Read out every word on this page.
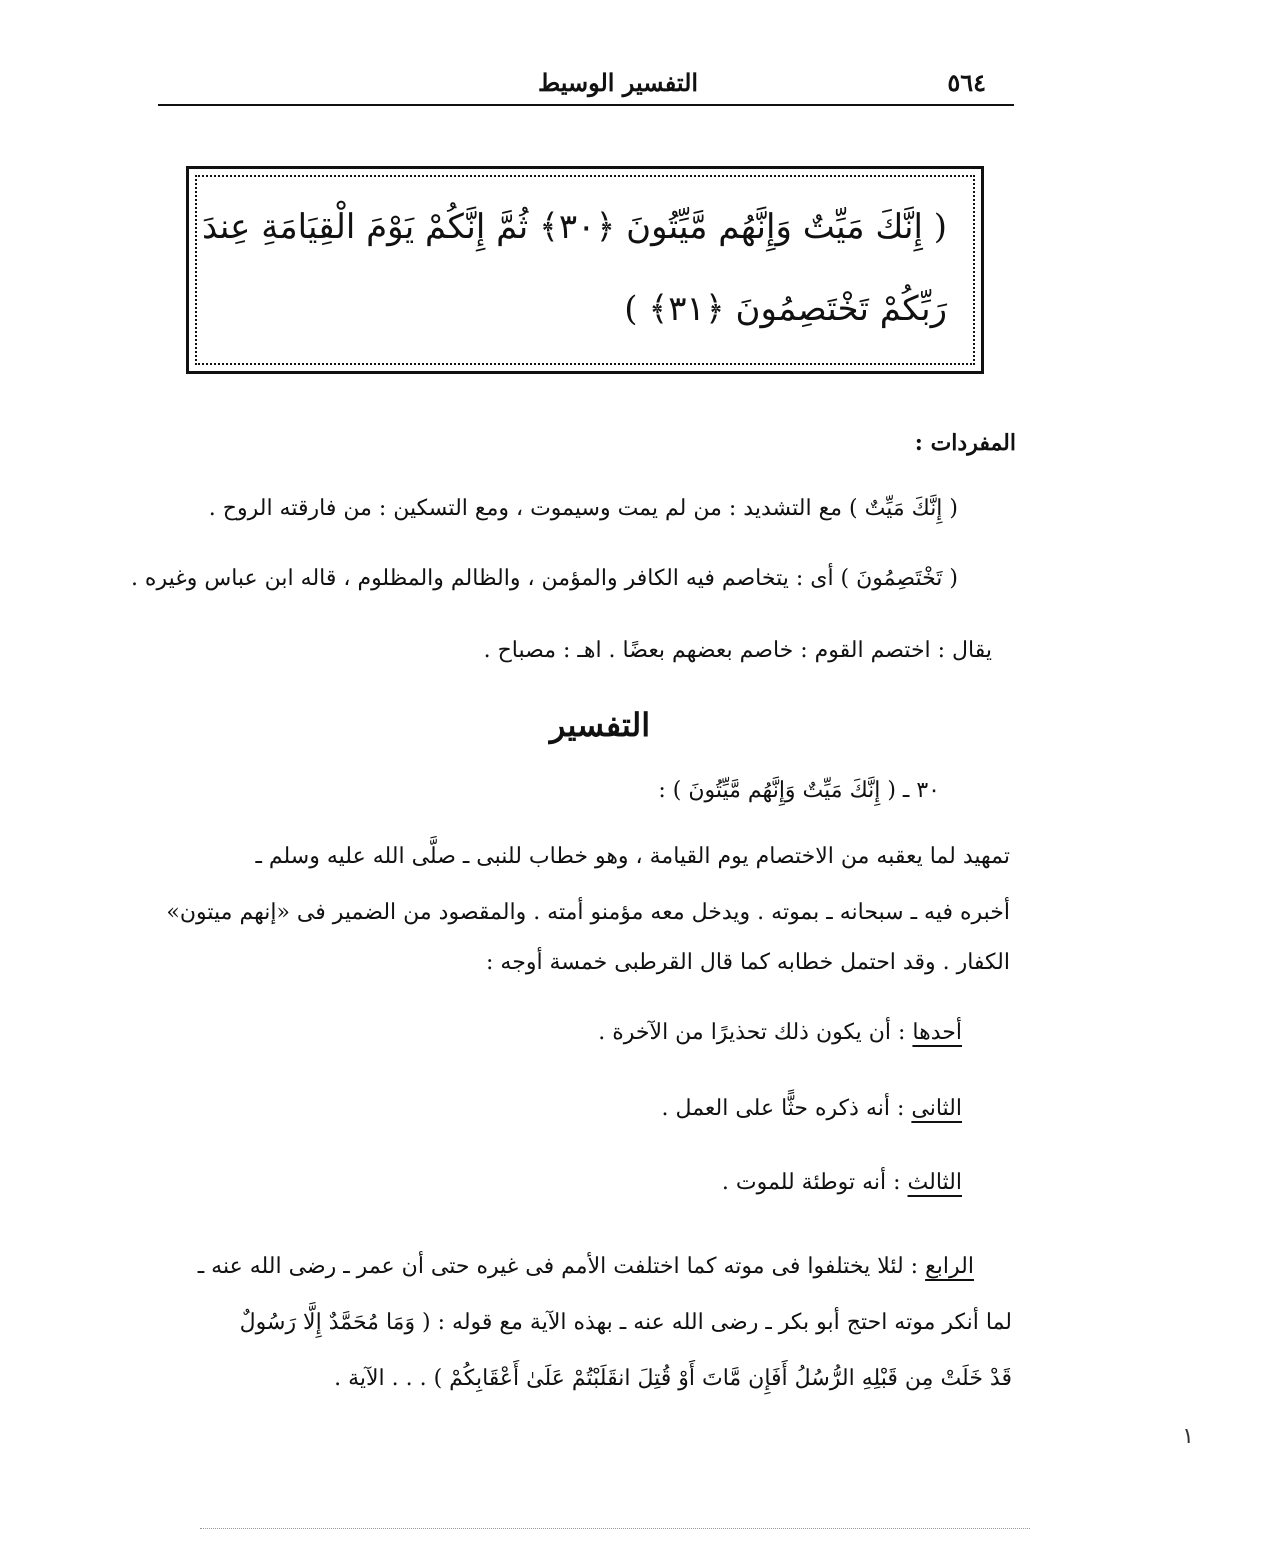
٥٦٤
التفسير الوسيط
( إِنَّكَ مَيِّتٌ وَإِنَّهُم مَّيِّتُونَ ﴿٣٠﴾ ثُمَّ إِنَّكُمْ يَوْمَ الْقِيَامَةِ عِندَ
رَبِّكُمْ تَخْتَصِمُونَ ﴿٣١﴾ )
المفردات :
( إِنَّكَ مَيِّتٌ ) مع التشديد : من لم يمت وسيموت ، ومع التسكين : من فارقته الروح .
( تَخْتَصِمُونَ ) أى : يتخاصم فيه الكافر والمؤمن ، والظالم والمظلوم ، قاله ابن عباس وغيره .
يقال : اختصم القوم : خاصم بعضهم بعضًا . اهـ : مصباح .
التفسير
٣٠ ـ ( إِنَّكَ مَيِّتٌ وَإِنَّهُم مَّيِّتُونَ ) :
تمهيد لما يعقبه من الاختصام يوم القيامة ، وهو خطاب للنبى ـ صلَّى الله عليه وسلم ـ
أخبره فيه ـ سبحانه ـ بموته . ويدخل معه مؤمنو أمته . والمقصود من الضمير فى «إنهم ميتون»
الكفار . وقد احتمل خطابه كما قال القرطبى خمسة أوجه :
أحدها : أن يكون ذلك تحذيرًا من الآخرة .
الثانى : أنه ذكره حثًّا على العمل .
الثالث : أنه توطئة للموت .
الرابع : لئلا يختلفوا فى موته كما اختلفت الأمم فى غيره حتى أن عمر ـ رضى الله عنه ـ
لما أنكر موته احتج أبو بكر ـ رضى الله عنه ـ بهذه الآية مع قوله : ( وَمَا مُحَمَّدٌ إِلَّا رَسُولٌ
قَدْ خَلَتْ مِن قَبْلِهِ الرُّسُلُ أَفَإِن مَّاتَ أَوْ قُتِلَ انقَلَبْتُمْ عَلَىٰ أَعْقَابِكُمْ ) . . . الآية .
١
